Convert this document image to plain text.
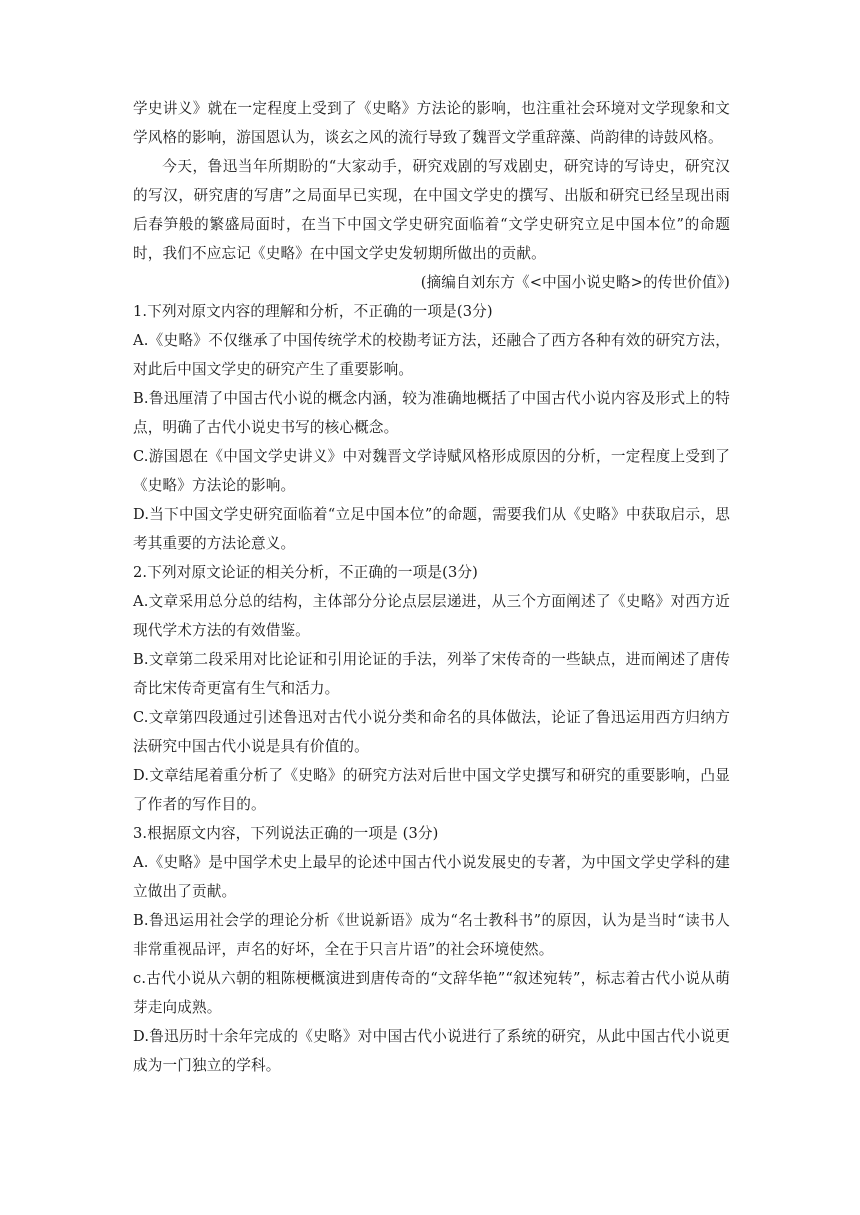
学史讲义》就在一定程度上受到了《史略》方法论的影响，也注重社会环境对文学现象和文学风格的影响，游国恩认为，谈玄之风的流行导致了魏晋文学重辞藻、尚韵律的诗鼓风格。

今天，鲁迅当年所期盼的“大家动手，研究戏剧的写戏剧史，研究诗的写诗史，研究汉的写汉，研究唐的写唐”之局面早已实现，在中国文学史的撰写、出版和研究已经呈现出雨后春笋般的繁盛局面时，在当下中国文学史研究面临着“文学史研究立足中国本位”的命题时，我们不应忘记《史略》在中国文学史发轫期所做出的贡献。

(摘编自刘东方《<中国小说史略>的传世价值》)

1.下列对原文内容的理解和分析，不正确的一项是(3分)

A.《史略》不仅继承了中国传统学术的校勘考证方法，还融合了西方各种有效的研究方法，对此后中国文学史的研究产生了重要影响。

B.鲁迅厘清了中国古代小说的概念内涵，较为准确地概括了中国古代小说内容及形式上的特点，明确了古代小说史书写的核心概念。

C.游国恩在《中国文学史讲义》中对魏晋文学诗赋风格形成原因的分析，一定程度上受到了《史略》方法论的影响。

D.当下中国文学史研究面临着“立足中国本位”的命题，需要我们从《史略》中获取启示，思考其重要的方法论意义。

2.下列对原文论证的相关分析，不正确的一项是(3分)

A.文章采用总分总的结构，主体部分分论点层层递进，从三个方面阐述了《史略》对西方近现代学术方法的有效借鉴。

B.文章第二段采用对比论证和引用论证的手法，列举了宋传奇的一些缺点，进而阐述了唐传奇比宋传奇更富有生气和活力。

C.文章第四段通过引述鲁迅对古代小说分类和命名的具体做法，论证了鲁迅运用西方归纳方法研究中国古代小说是具有价值的。

D.文章结尾着重分析了《史略》的研究方法对后世中国文学史撰写和研究的重要影响，凸显了作者的写作目的。

3.根据原文内容，下列说法正确的一项是 (3分)

A.《史略》是中国学术史上最早的论述中国古代小说发展史的专著，为中国文学史学科的建立做出了贡献。

B.鲁迅运用社会学的理论分析《世说新语》成为“名士教科书”的原因，认为是当时“读书人非常重视品评，声名的好坏，全在于只言片语”的社会环境使然。

c.古代小说从六朝的粗陈梗概演进到唐传奇的“文辞华艳”“叙述宛转”，标志着古代小说从萌芽走向成熟。

D.鲁迅历时十余年完成的《史略》对中国古代小说进行了系统的研究，从此中国古代小说更成为一门独立的学科。
